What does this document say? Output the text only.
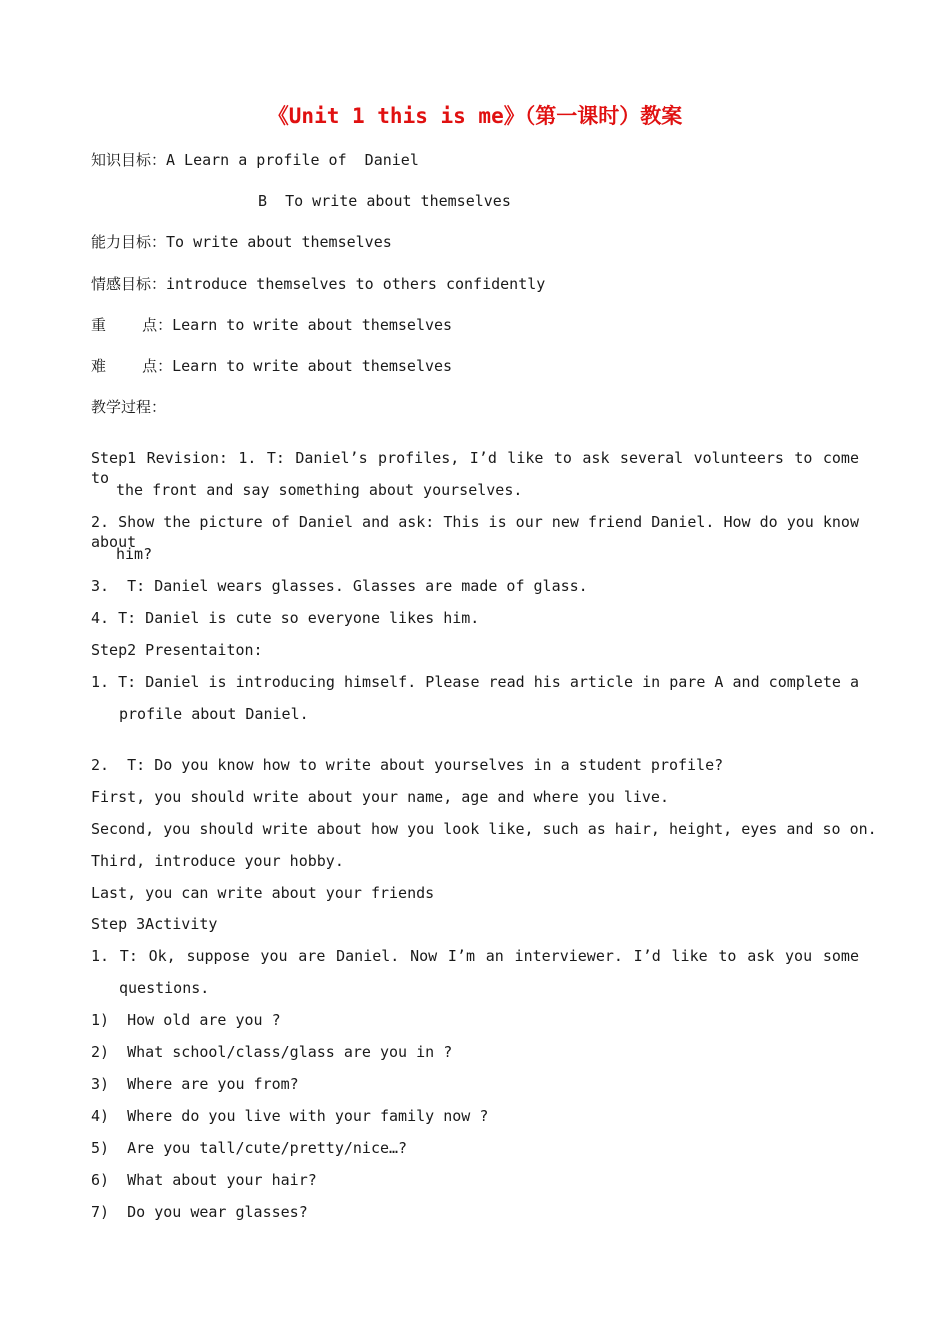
《Unit 1 this is me》（第一课时）教案
知识目标：A Learn a profile of  Daniel
B  To write about themselves
能力目标：To write about themselves
情感目标：introduce themselves to others confidently
重    点：Learn to write about themselves
难    点：Learn to write about themselves
教学过程：
Step1 Revision: 1. T: Daniel’s profiles, I’d like to ask several volunteers to come to
the front and say something about yourselves.
2. Show the picture of Daniel and ask: This is our new friend Daniel. How do you know about
him?
3.  T: Daniel wears glasses. Glasses are made of glass.
4. T: Daniel is cute so everyone likes him.
Step2 Presentaiton:
1. T: Daniel is introducing himself. Please read his article in pare A and complete a
profile about Daniel.
2.  T: Do you know how to write about yourselves in a student profile?
First, you should write about your name, age and where you live.
Second, you should write about how you look like, such as hair, height, eyes and so on.
Third, introduce your hobby.
Last, you can write about your friends
Step 3Activity
1. T: Ok, suppose you are Daniel. Now I’m an interviewer. I’d like to ask you some
questions.
1)  How old are you ?
2)  What school/class/glass are you in ?
3)  Where are you from?
4)  Where do you live with your family now ?
5)  Are you tall/cute/pretty/nice…?
6)  What about your hair?
7)  Do you wear glasses?
